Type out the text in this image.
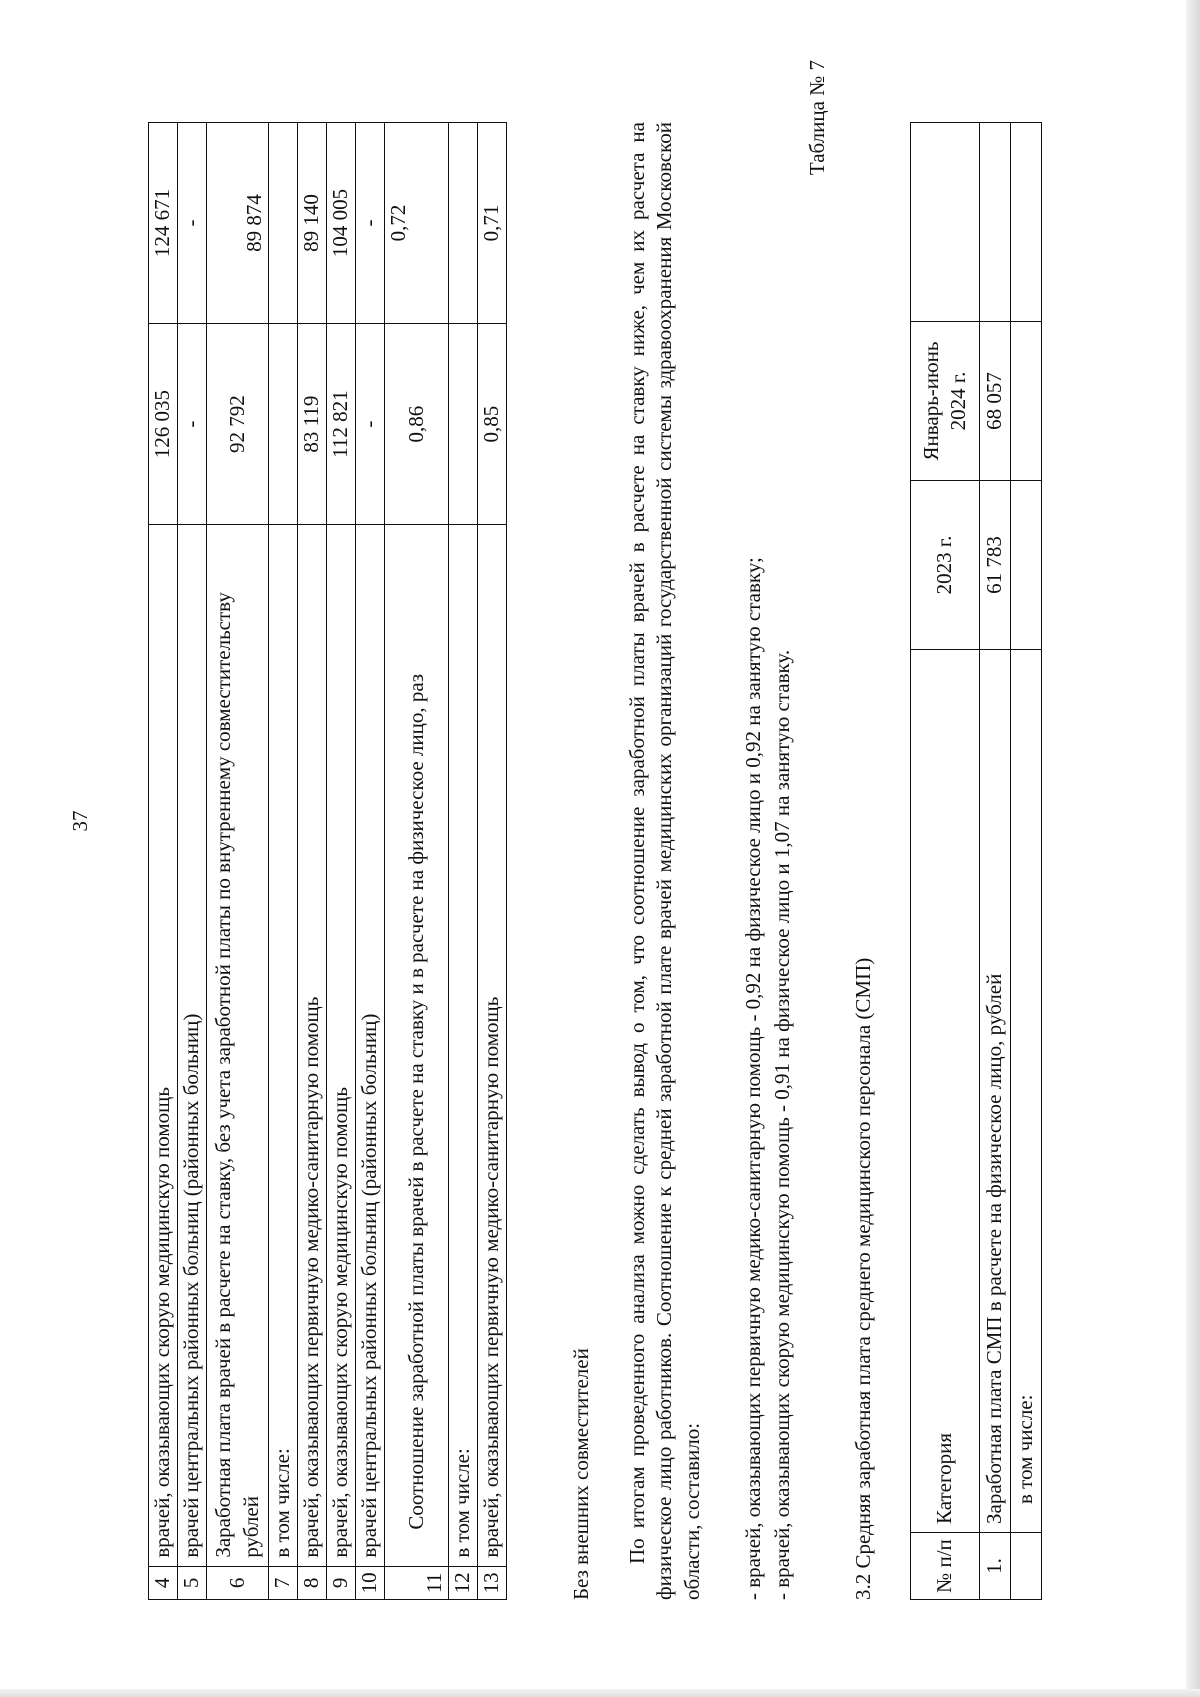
37
4	врачей, оказывающих скорую медицинскую помощь	126 035	124 671
5	врачей центральных районных больниц (районных больниц)	-	-
6	Заработная плата врачей в расчете на ставку, без учета заработной платы по внутреннему совместительству рублей	92 792	89 874
7	в том числе:		
8	врачей, оказывающих первичную медико-санитарную помощь	83 119	89 140
9	врачей, оказывающих скорую медицинскую помощь	112 821	104 005
10	врачей центральных районных больниц (районных больниц)	-	-
11	Соотношение заработной платы врачей в расчете на ставку и в расчете на физическое лицо, раз	0,86	0,72
12	в том числе:		
13	врачей, оказывающих первичную медико-санитарную помощь	0,85	0,71
Без внешних совместителей По итогам проведенного анализа можно сделать вывод о том, что соотношение заработной платы врачей в расчете на ставку ниже, чем их расчета на физическое лицо работников. Соотношение к средней заработной плате врачей медицинских организаций государственной системы здравоохранения Московской области, составило: - врачей, оказывающих первичную медико-санитарную помощь - 0,92 на физическое лицо и 0,92 на занятую ставку; - врачей, оказывающих скорую медицинскую помощь - 0,91 на физическое лицо и 1,07 на занятую ставку.
Таблица № 7
3.2 Средняя заработная плата среднего медицинского персонала (СМП)	№ п/п	Категория	2023 г.	Январь-июнь 2024 г.	
1.	Заработная плата СМП в расчете на физическое лицо, рублей	61 783	68 057	
	в том числе:			
